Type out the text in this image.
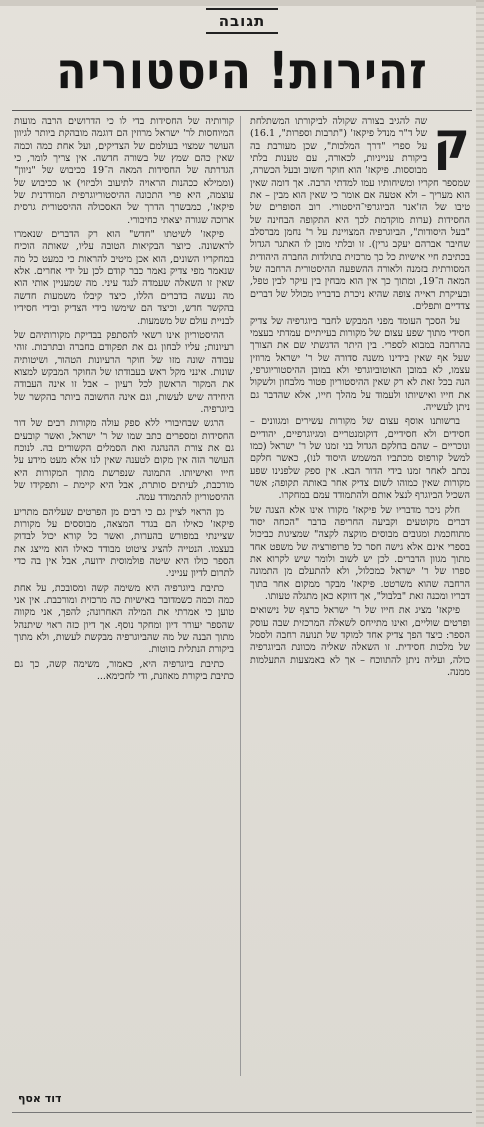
תגובה
זהירות! היסטוריה

ק
שה להגיב בצורה שקולה לביקורתו המשתלחת של ד"ר מנדל פיקאז' ("תרבות וספרות", 16.1) על ספרי "דרך המלכות", שכן מעורבת בה ביקורת ענייניות, לכאורה, עם טענות בלתי מבוססות. פיקאז' הוא חוקר חשוב ובעל הכשרה, שמספר חקריו ומשיחותיו עמו למדתי הרבה. אך דומה שאין הוא מעריך – ולא אטעה אם אומר כי שאין הוא מבין – את טיבו של הז'אנר הביוגרפי־היסטורי. רוב הסופרים של החסידות (ערות מוקדמת לכך היא התקופה הבחינה של "בעל היסודות", הביוגרפיה המצויינת על ר' נחמן מברסלב שחיבר אברהם יעקב גרין). זו ובלתי מובן לו האתגר הגדול בכתיבת חיי אישיות כל כך מרכזית בתולדות החברה היהודית המסורתית בזמנה ולאורה ההשפעה ההיסטורית הרחבה של המאה ה־19, ומתוך כך אין הוא מבחין בין עיקר לבין טפל, ובעיקרת ראייה צופה שהיא ניכרת בדבריו מכולל של דברים צדדיים ותפלים.

על הסכך העומד מפני המבקש לחבר ביוגרפיה של צדיק חסידי מתוך שפע עצום של מקורות בעייתיים עמדתי בעצמי בהרחבה במבוא לספרי. בין היתר הדגשתי שם את הצורך שעל אף שאין בידינו משנה סדורה של ר' ישראל מרוזין עצמו, לא במובן האוטוביוגרפי ולא במובן ההיסטוריוגרפי, הנה בכל זאת לא רק שאין ההיסטוריון פטור מלבחון ולשקול את חייו ואישיותו ולעמוד על מהלך חייו, אלא שהדבר גם ניתן לעשייה.

ברשותנו אוסף עצום של מקורות עשירים ומגוונים – חסידים ולא חסידיים, דוקומנטריים ומגיוגרפיים, יהודיים ונוכריים – שהם בחלקם הגדול בני זמנו של ר' ישראל (כמו למשל קורפוס מכתביו המשמש היסוד לנו), כאשר חלקם נכתב לאחר זמנו בידי הדור הבא. אין ספק שלפנינו שפע מקורות שאין כמוהו לשום צדיק אחר באותה תקופה; אשר השכיל הביוגרף לנצל אותם ולהתמודד עמם במחקרו.

חלק ניכר מדבריו של פיקאז' מקורו אינו אלא הצגה של דברים מקוטעים וקביעה החריפה בדבר "הכחה יסוד מתוחכמת ומגובים מבוסים מוקצה לקצה" שמציגות כביכול בספרי אינם אלא גישה חסר כל פרופורציה של משפט אחד מתוך מגוון הדברים. לכן יש לשוב ולומר שיש לקרוא את ספרו של ר' ישראל כמכלול, ולא להתעלם מן התמונה הרחבה שהוא משרטט. פיקאז' מבקר ממקום אחר בתוך דבריו ומכנה זאת "בלבול", אך דווקא כאן מתגלה טעותו.

פיקאז' מציג את חייו של ר' ישראל כרצף של נישואים ופרטים שוליים, ואינו מתייחס לשאלה המרכזית שבה עוסק הספר: כיצד הפך צדיק אחד למוקד של תנועה רחבה ולסמל של מלכות חסידית. זו השאלה שאליה מכוונת הביוגרפיה כולה, ועליה ניתן להתווכח – אך לא באמצעות התעלמות ממנה.

קורותיה של החסידות בדי לו כי הדרושים הרבה מועות המיוחסות לר' ישראל מרוזין הם דוגמה מובהקת ביותר לגיוון העושר שמצוי בעולמם של הצדיקים, ועל אחת כמה וכמה שאין כהם שמץ של בשורה חדשה. אין צריך לומר, כי הגדרתה של החסידות המאה ה־19 ככיבוש של "ניוון" (וממילא ככהנות הראויה לתיעוב ולביזוי) או ככיבוש של עוצמה, היא פרי התכונה ההיסטוריוגרפית המודרנית של פיקאז', כמבשרך הדרך של האסכולה ההיסטורית גרסית ארוכה שגורה יצאתי כחיבורי.

פיקאז' לשיטתו "חדש" הוא רק הדברים שנאמרו לראשונה. כיוצר הבקיאות הטובה עליו, שאותה הוכיח במחקריו השונים, הוא אכן מיטיב להראות כי כמעט כל מה שנאמר מפי צדיק נאמר כבר קודם לכן על ידי אחרים. אלא שאין זו השאלה שעמדה לנגד עיני. מה שמעניין אותי הוא מה נעשה בדברים הללו, כיצד קיבלו משמעות חדשה בהקשר חדש, וכיצד הם שימשו בידי הצדיק ובידי חסידיו לבניית עולם של משמעות.

ההיסטוריון אינו רשאי להסתפק בבדיקת מקורותיהם של רעיונות; עליו לבחון גם את תפקודם בחברה ובתרבות. זוהי עבודה שונה מזו של חוקר הרעיונות הטהור, ושיטותיה שונות. אינני מקל ראש בעבודתו של החוקר המבקש למצוא את המקור הראשון לכל רעיון – אבל זו אינה העבודה היחידה שיש לעשות, וגם אינה החשובה ביותר בהקשר של ביוגרפיה.

הרגש שבחיבורי ללא ספק עולה מקורות רבים של דור החסידות ומספרים כתב שמו של ר' ישראל, ואשר קובעים גם את צורת ההנהגה ואת הסמלים הקשורים בה. לנוכח העושר הזה אין מקום לטענה שאין לנו אלא מעט מידע על חייו ואישיותו. התמונה שנפרשת מתוך המקורות היא מורכבת, לעיתים סותרת, אבל היא קיימת – ותפקידו של ההיסטוריון להתמודד עמה.

מן הראוי לציין גם כי רבים מן הפרטים שעליהם מתריע פיקאז' כאילו הם בגדר המצאה, מבוססים על מקורות שציינתי במפורש בהערות, ואשר כל קורא יכול לבדוק בעצמו. הנטייה להציג ציטוט מבודד כאילו הוא מייצג את הספר כולו היא שיטה פולמוסית ידועה, אבל אין בה כדי לתרום לדיון ענייני.

כתיבת ביוגרפיה היא משימה קשה ומסובכת, על אחת כמה וכמה כשמדובר באישיות כה מרכזית ומורכבת. אין אני טוען כי אמרתי את המילה האחרונה; להפך, אני מקווה שהספר יעורר דיון ומחקר נוסף. אך דיון כזה ראוי שיתנהל מתוך הבנה של מה שהביוגרפיה מבקשת לעשות, ולא מתוך ביקורת הנתלית בזוטות.

כתיבת ביוגרפיה היא, כאמור, משימה קשה, כך גם כתיבת ביקורת מאוזנת, ודי לחכימא...

דוד אסף
